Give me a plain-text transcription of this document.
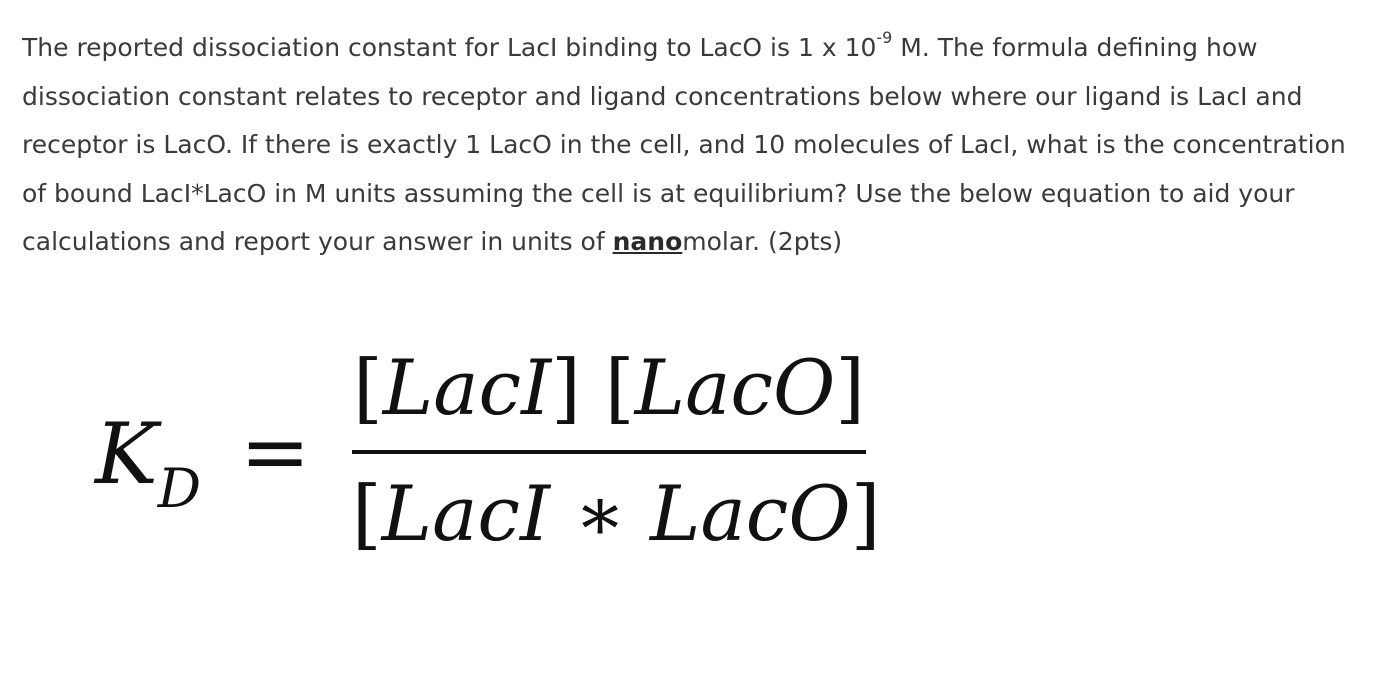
The reported dissociation constant for LacI binding to LacO is 1 x $10^{-9}$ M. The formula defining how dissociation constant relates to receptor and ligand concentrations below where our ligand is LacI and receptor is LacO. If there is exactly 1 LacO in the cell, and 10 molecules of LacI, what is the concentration of bound LacI*LacO in M units assuming the cell is at equilibrium? Use the below equation to aid your calculations and report your answer in units of nanomolar. (2pts)

$K_D$ =
[LacI] [LacO]
[LacI ∗ LacO]
